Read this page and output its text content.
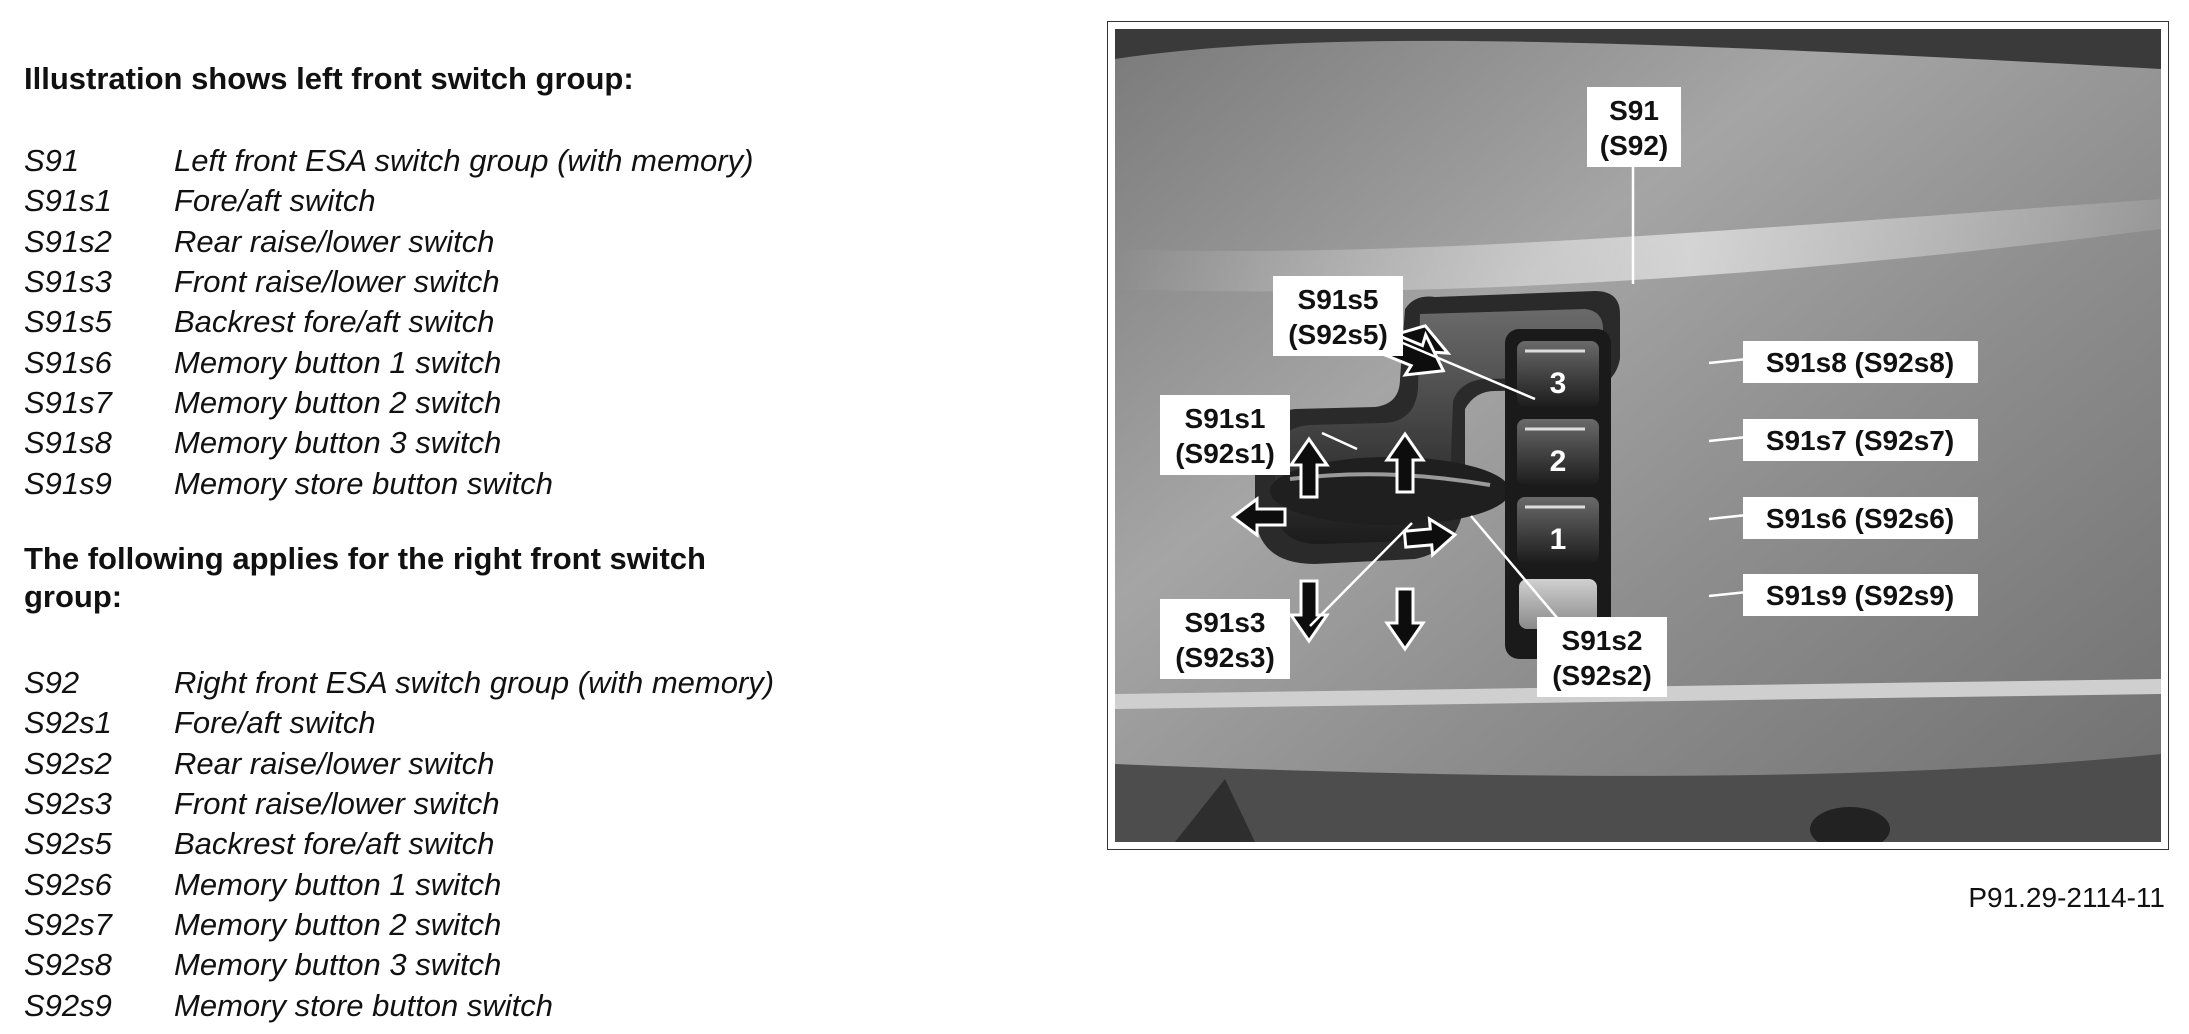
Illustration shows left front switch group:
S91	Left front ESA switch group (with memory)
S91s1	Fore/aft switch
S91s2	Rear raise/lower switch
S91s3	Front raise/lower switch
S91s5	Backrest fore/aft switch
S91s6	Memory button 1 switch
S91s7	Memory button 2 switch
S91s8	Memory button 3 switch
S91s9	Memory store button switch
The following applies for the right front switch group:
S92	Right front ESA switch group (with memory)
S92s1	Fore/aft switch
S92s2	Rear raise/lower switch
S92s3	Front raise/lower switch
S92s5	Backrest fore/aft switch
S92s6	Memory button 1 switch
S92s7	Memory button 2 switch
S92s8	Memory button 3 switch
S92s9	Memory store button switch
3
2
1
S91
(S92)
S91s5
(S92s5)
S91s1
(S92s1)
S91s3
(S92s3)
S91s2
(S92s2)
S91s8 (S92s8)
S91s7 (S92s7)
S91s6 (S92s6)
S91s9 (S92s9)
P91.29-2114-11
